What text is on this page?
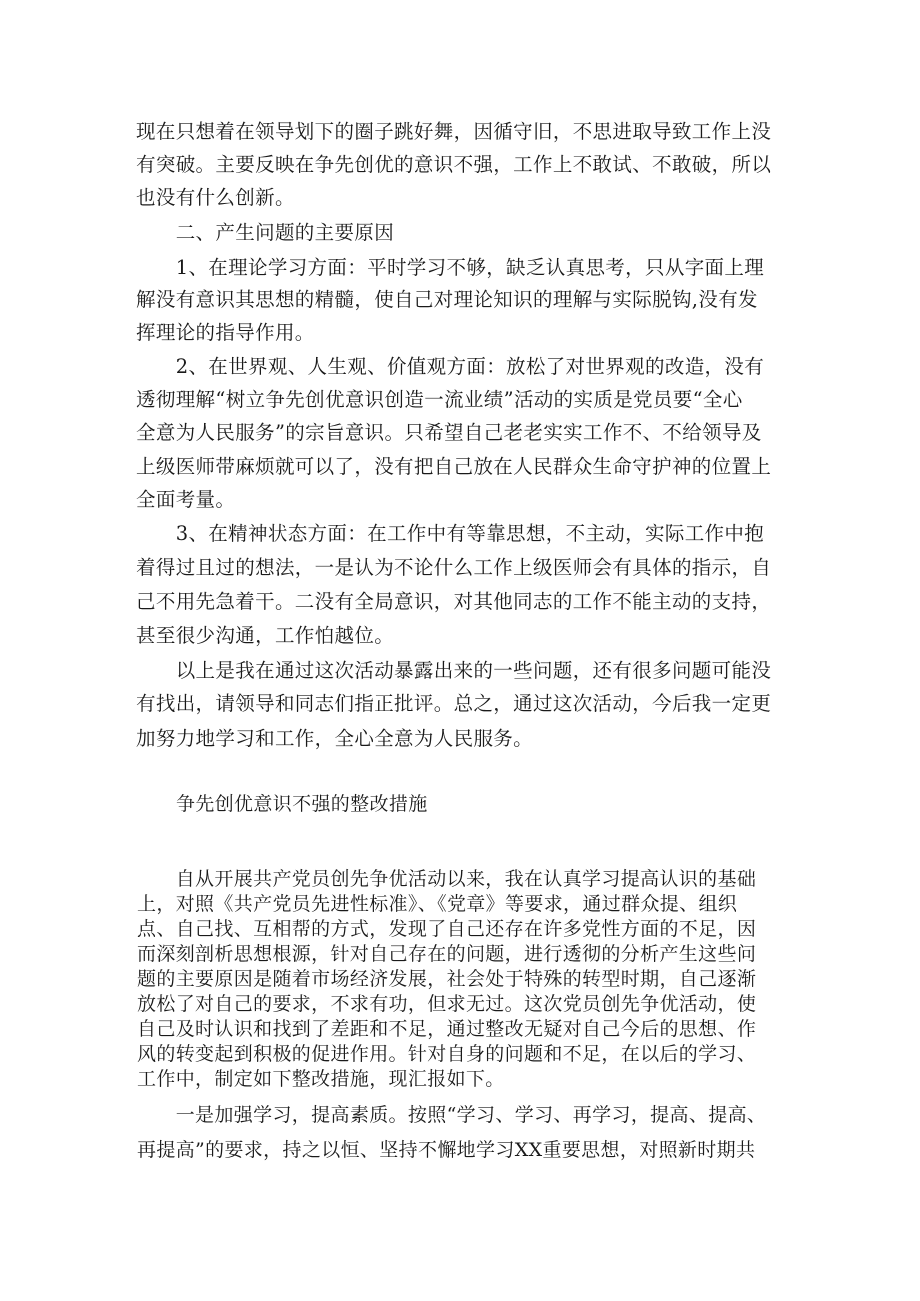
现在只想着在领导划下的圈子跳好舞，因循守旧，不思进取导致工作上没
有突破。主要反映在争先创优的意识不强，工作上不敢试、不敢破，所以
也没有什么创新。
　　二、产生问题的主要原因
　　1、在理论学习方面：平时学习不够，缺乏认真思考，只从字面上理
解没有意识其思想的精髓，使自己对理论知识的理解与实际脱钩,没有发
挥理论的指导作用。
　　2、在世界观、人生观、价值观方面：放松了对世界观的改造，没有
透彻理解“树立争先创优意识创造一流业绩”活动的实质是党员要“全心
全意为人民服务”的宗旨意识。只希望自己老老实实工作不、不给领导及
上级医师带麻烦就可以了，没有把自己放在人民群众生命守护神的位置上
全面考量。
　　3、在精神状态方面：在工作中有等靠思想，不主动，实际工作中抱
着得过且过的想法，一是认为不论什么工作上级医师会有具体的指示，自
己不用先急着干。二没有全局意识，对其他同志的工作不能主动的支持，
甚至很少沟通，工作怕越位。
　　以上是我在通过这次活动暴露出来的一些问题，还有很多问题可能没
有找出，请领导和同志们指正批评。总之，通过这次活动，今后我一定更
加努力地学习和工作，全心全意为人民服务。
争先创优意识不强的整改措施
　　自从开展共产党员创先争优活动以来，我在认真学习提高认识的基础
上，对照《共产党员先进性标准》、《党章》等要求，通过群众提、组织
点、自己找、互相帮的方式，发现了自己还存在许多党性方面的不足，因
而深刻剖析思想根源，针对自己存在的问题，进行透彻的分析产生这些问
题的主要原因是随着市场经济发展，社会处于特殊的转型时期，自己逐渐
放松了对自己的要求，不求有功，但求无过。这次党员创先争优活动，使
自己及时认识和找到了差距和不足，通过整改无疑对自己今后的思想、作
风的转变起到积极的促进作用。针对自身的问题和不足，在以后的学习、
工作中，制定如下整改措施，现汇报如下。
　　一是加强学习，提高素质。按照“学习、学习、再学习，提高、提高、
再提高”的要求，持之以恒、坚持不懈地学习XX重要思想，对照新时期共
